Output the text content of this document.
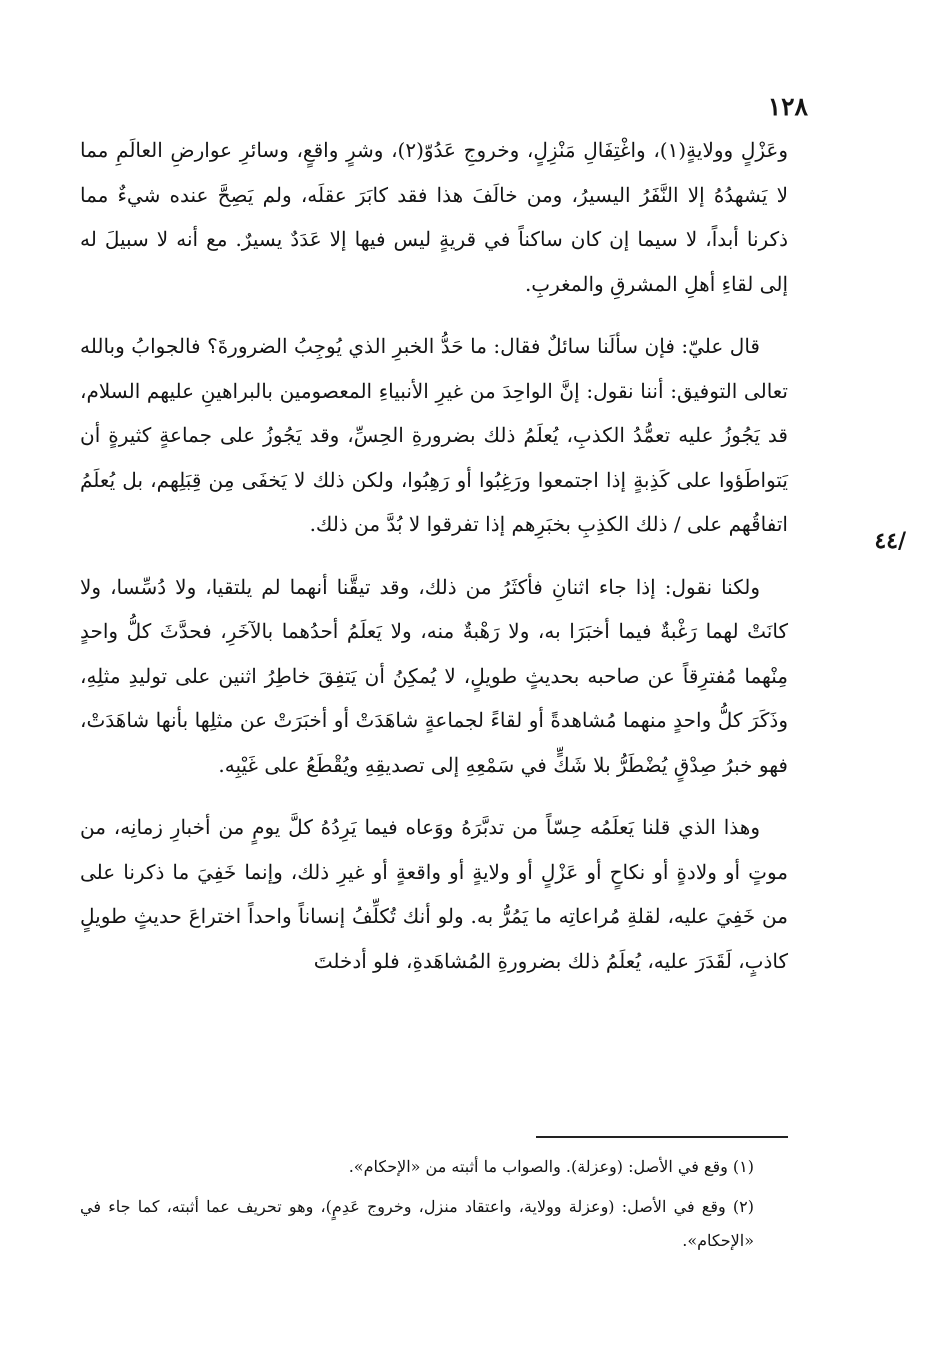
١٢٨
/٤٤

وعَزْلٍ وولايةٍ(١)، واغْتِفَالِ مَنْزِلٍ، وخروجِ عَدُوّ(٢)، وشرٍ واقعٍ، وسائرِ عوارضِ العالَمِ مما لا يَشهدُهُ إلا النَّفَرُ اليسيرُ، ومن خالَفَ هذا فقد كابَرَ عقلَه، ولم يَصِحَّ عنده شيءٌ مما ذكرنا أبداً، لا سيما إن كان ساكناً في قريةٍ ليس فيها إلا عَدَدٌ يسيرٌ. مع أنه لا سبيلَ له إلى لقاءِ أهلِ المشرقِ والمغربِ.

قال عليّ: فإن سألَنا سائلٌ فقال: ما حَدُّ الخبرِ الذي يُوجِبُ الضرورةَ؟ فالجوابُ وبالله تعالى التوفيق: أننا نقول: إنَّ الواحِدَ من غيرِ الأنبياءِ المعصومين بالبراهينِ عليهم السلام، قد يَجُوزُ عليه تعمُّدُ الكذبِ، يُعلَمُ ذلك بضرورةِ الحِسِّ، وقد يَجُوزُ على جماعةٍ كثيرةٍ أن يَتواطَؤوا على كَذِبةٍ إذا اجتمعوا ورَغِبُوا أو رَهِبُوا، ولكن ذلك لا يَخفَى مِن قِبَلِهم، بل يُعلَمُ اتفاقُهم على / ذلك الكذِبِ بخبَرِهم إذا تفرقوا لا بُدَّ من ذلك.

ولكنا نقول: إذا جاء اثنانِ فأكثَرُ من ذلك، وقد تيقَّنا أنهما لم يلتقيا، ولا دُسِّسا، ولا كانَتْ لهما رَغْبةٌ فيما أخبَرَا به، ولا رَهْبةٌ منه، ولا يَعلَمُ أحدُهما بالآخَرِ، فحدَّثَ كلُّ واحدٍ مِنْهما مُفترِقاً عن صاحبه بحديثٍ طويلٍ، لا يُمكِنُ أن يَتفِقَ خاطِرُ اثنين على توليدِ مثلِهِ، وذَكَرَ كلُّ واحدٍ منهما مُشاهدةً أو لقاءً لجماعةٍ شاهَدَتْ أو أخبَرَتْ عن مثلِها بأنها شاهَدَتْ، فهو خبرُ صِدْقٍ يُضْطَرُّ بلا شَكٍّ في سَمْعِهِ إلى تصديقِهِ ويُقْطَعُ على غَيْبِه.

وهذا الذي قلنا يَعلَمُه حِسّاً من تدبَّرَهُ ووَعاه فيما يَرِدُهُ كلَّ يومٍ من أخبارِ زمانِه، من موتٍ أو ولادةٍ أو نكاحٍ أو عَزْلٍ أو ولايةٍ أو واقعةٍ أو غيرِ ذلك، وإنما خَفِيَ ما ذكرنا على من خَفِيَ عليه، لقلةِ مُراعاتِه ما يَمُرُّ به. ولو أنك تُكلِّفُ إنساناً واحداً اختراعَ حديثٍ طويلٍ كاذبٍ، لَقَدَرَ عليه، يُعلَمُ ذلك بضرورةِ المُشاهَدةِ، فلو أدخلتَ

(١) وقع في الأصل: (وعزلة). والصواب ما أثبته من «الإحكام».

(٢) وقع في الأصل: (وعزلة وولاية، واعتقاد منزل، وخروج عَدِمٍ)، وهو تحريف عما أثبته، كما جاء في «الإحكام».
